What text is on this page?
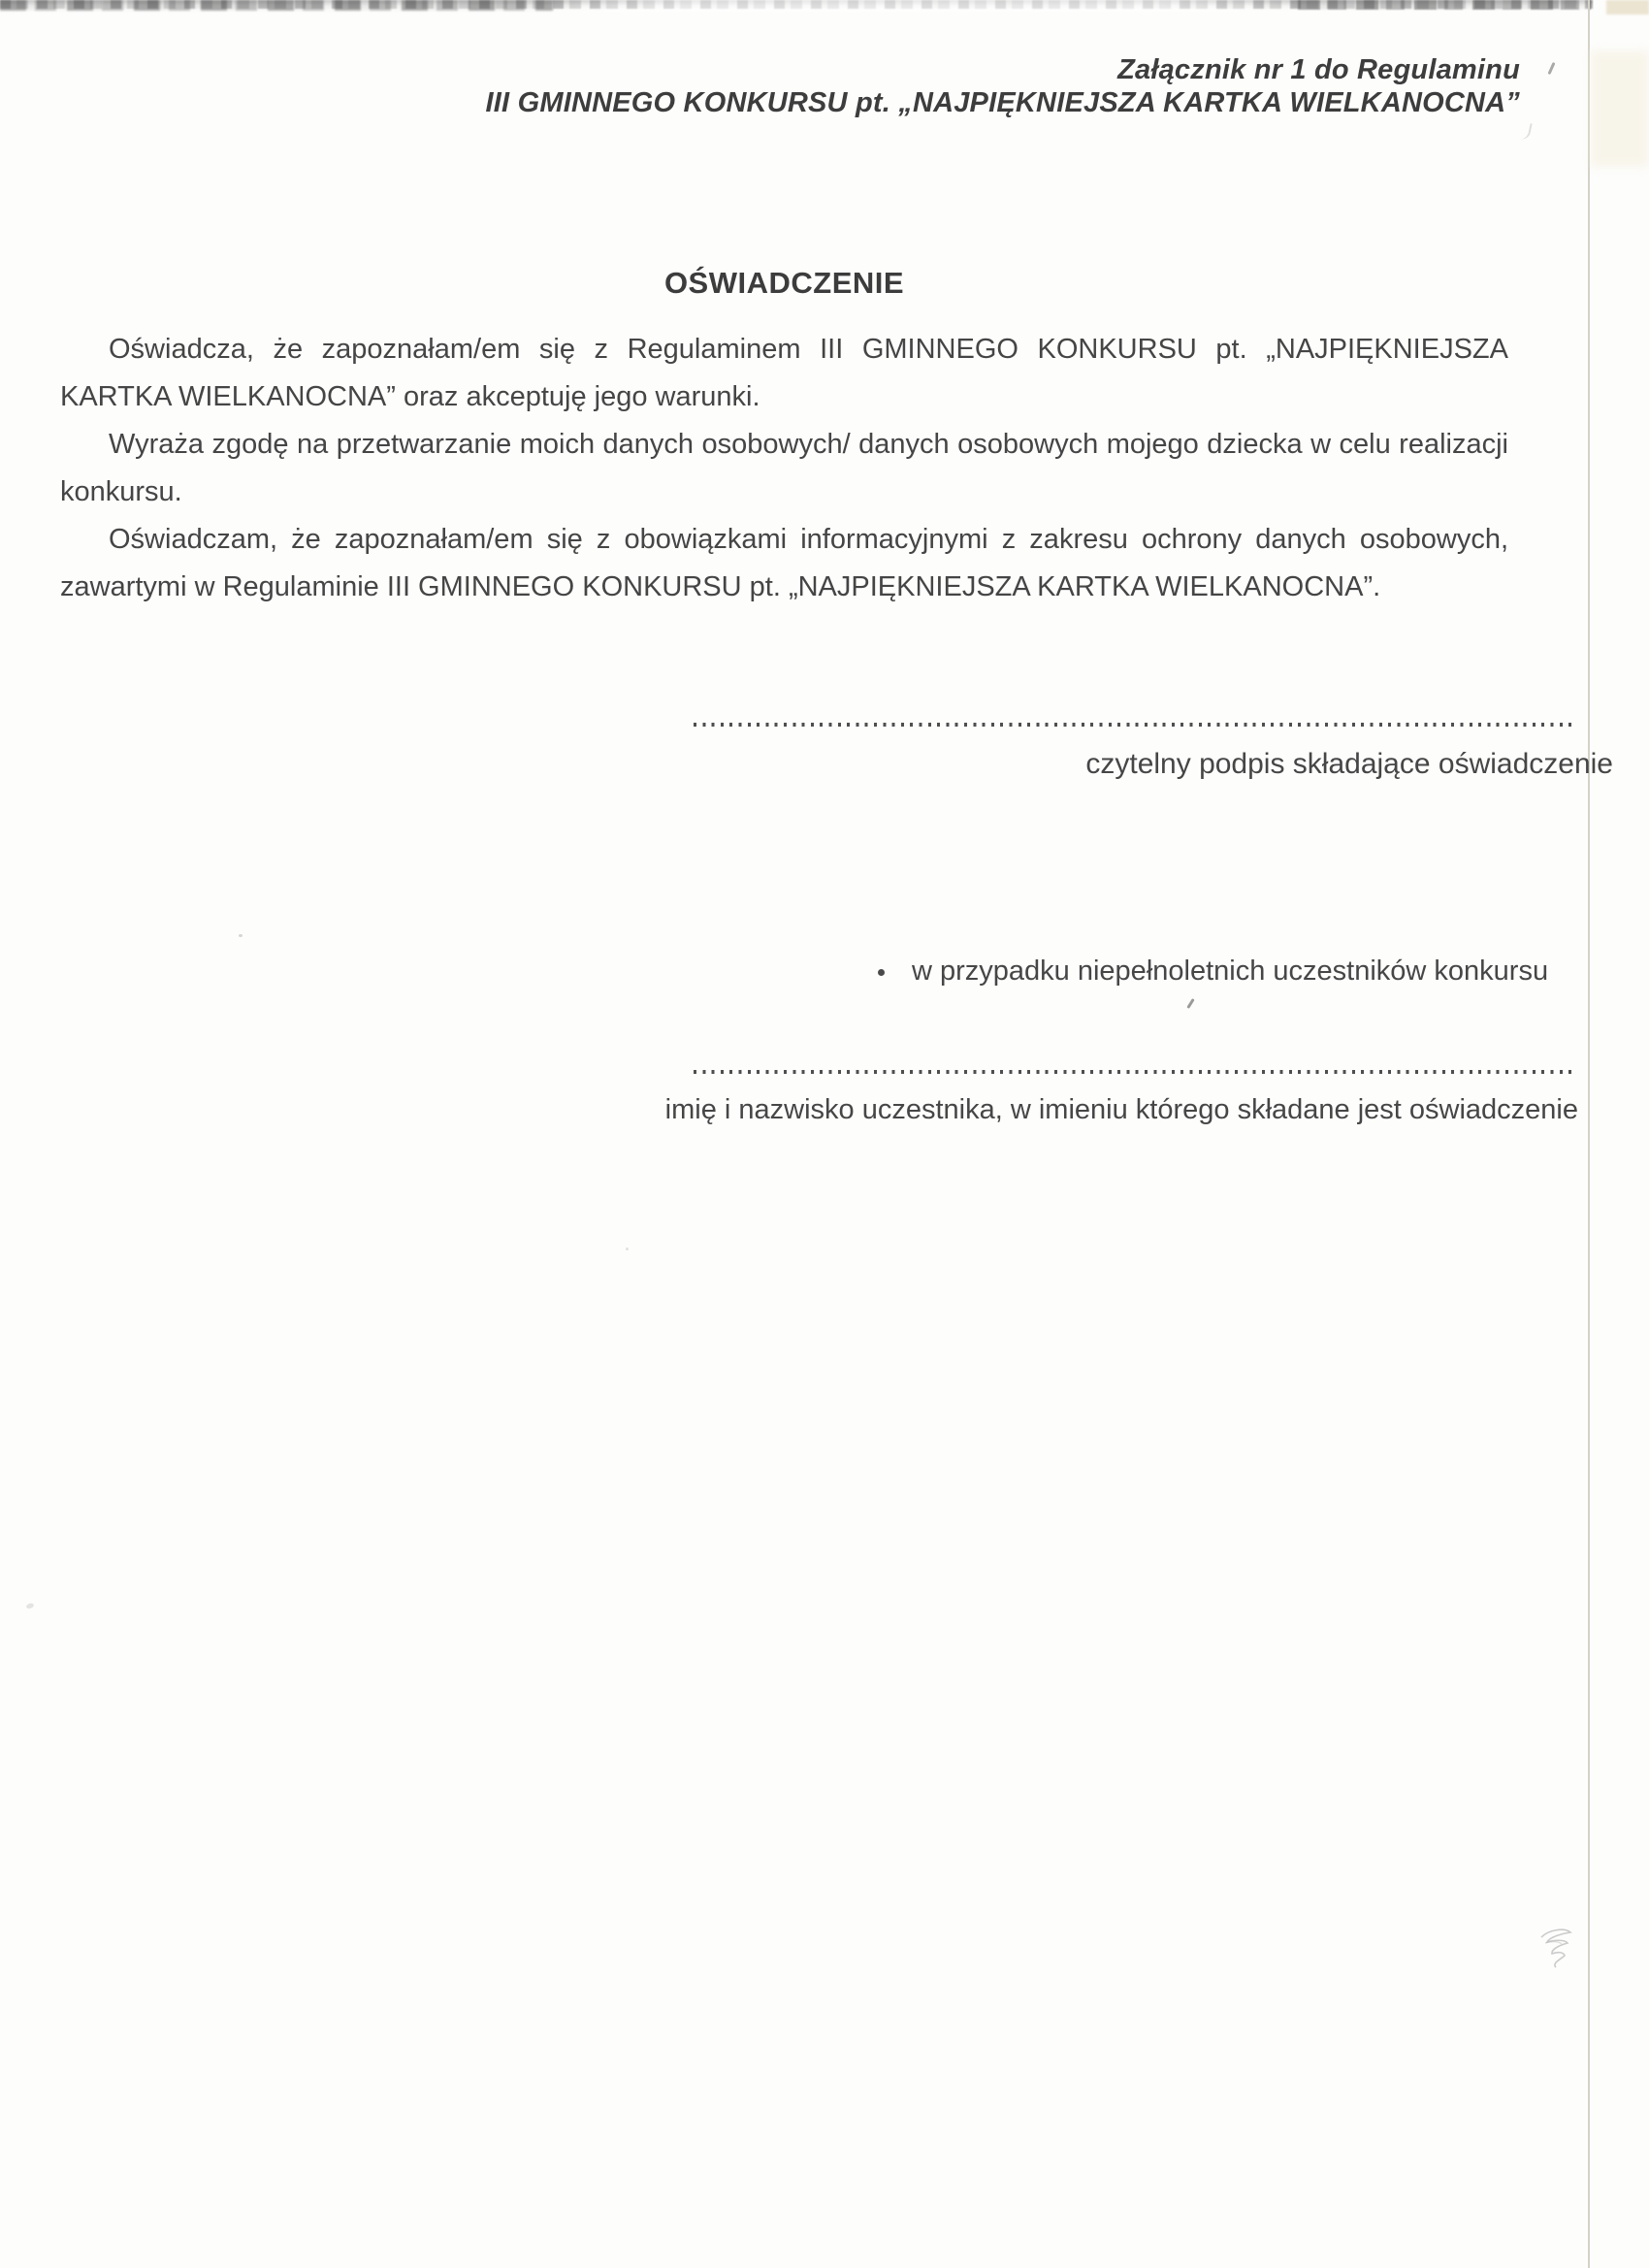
Załącznik nr 1 do Regulaminu
III GMINNEGO KONKURSU pt. „NAJPIĘKNIEJSZA KARTKA WIELKANOCNA”
OŚWIADCZENIE

Oświadcza, że zapoznałam/em się z Regulaminem III GMINNEGO KONKURSU pt. „NAJPIĘKNIEJSZA KARTKA WIELKANOCNA” oraz akceptuję jego warunki.

Wyraża zgodę na przetwarzanie moich danych osobowych/ danych osobowych mojego dziecka w celu realizacji konkursu.

Oświadczam, że zapoznałam/em się z obowiązkami informacyjnymi z zakresu ochrony danych osobowych, zawartymi w Regulaminie III GMINNEGO KONKURSU pt. „NAJPIĘKNIEJSZA KARTKA WIELKANOCNA”.

czytelny podpis składające oświadczenie
w przypadku niepełnoletnich uczestników konkursu
imię i nazwisko uczestnika, w imieniu którego składane jest oświadczenie
